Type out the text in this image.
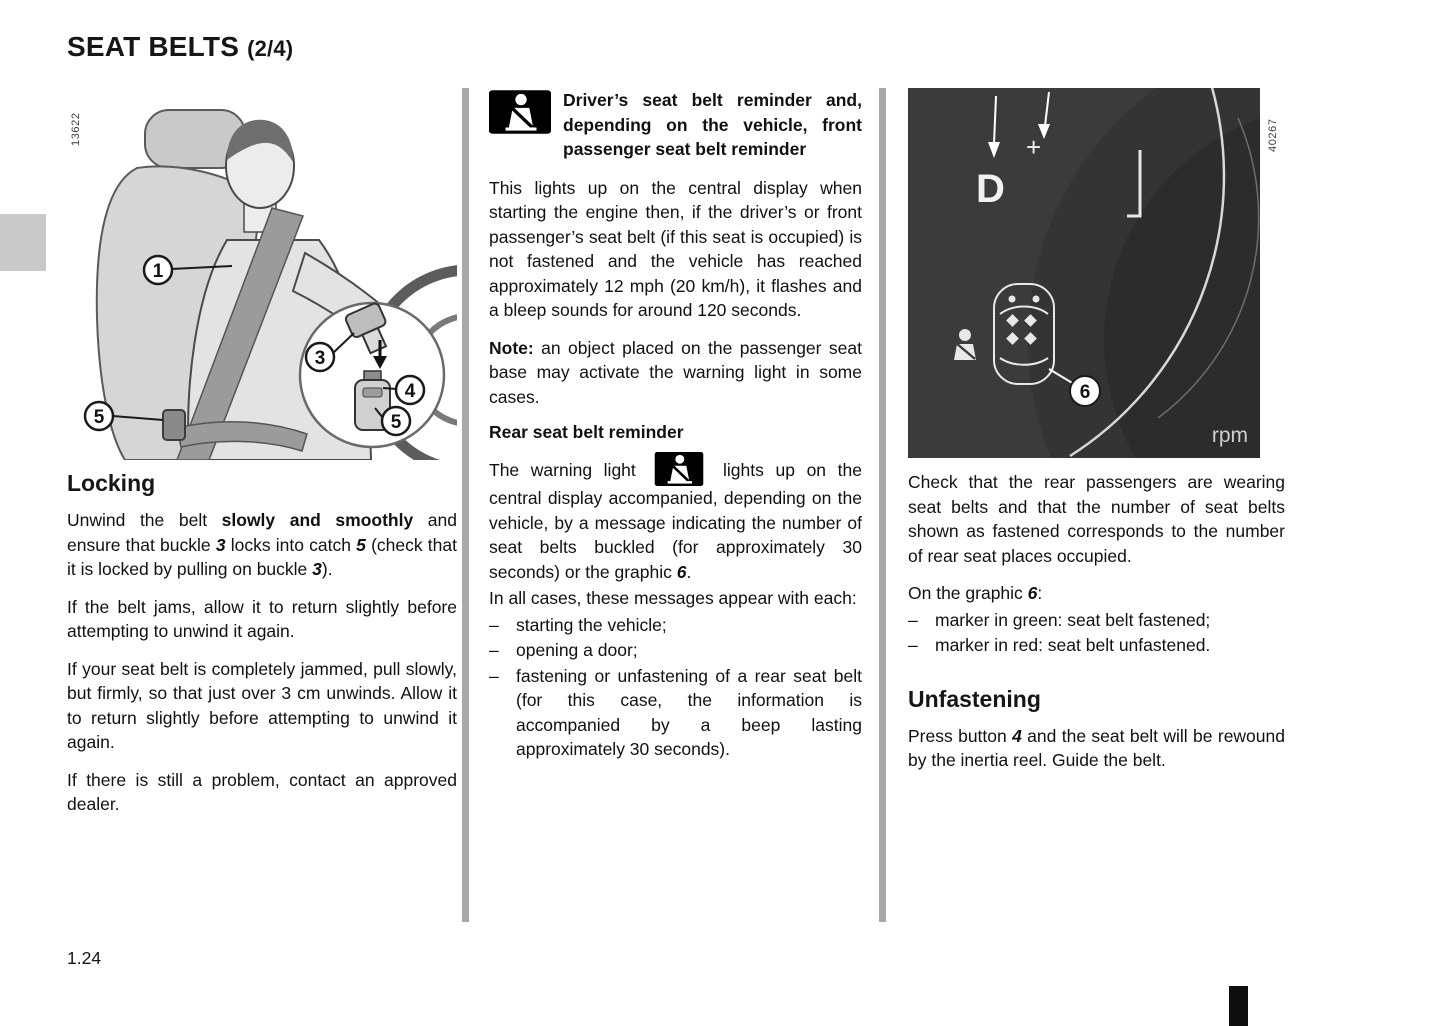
SEAT BELTS (2/4)
13622
1
3
4
5	5
Locking

Unwind the belt slowly and smoothly and ensure that buckle 3 locks into catch 5 (check that it is locked by pulling on buckle 3).

If the belt jams, allow it to return slightly before attempting to unwind it again.

If your seat belt is completely jammed, pull slowly, but firmly, so that just over 3 cm unwinds. Allow it to return slightly before attempting to unwind it again.

If there is still a problem, contact an approved dealer.

Driver’s seat belt reminder and, depending on the vehicle, front passenger seat belt reminder

This lights up on the central display when starting the engine then, if the driver’s or front passenger’s seat belt (if this seat is occupied) is not fastened and the vehicle has reached approximately 12 mph (20 km/h), it flashes and a bleep sounds for around 120 seconds.

Note: an object placed on the passenger seat base may activate the warning light in some cases.

Rear seat belt reminder

The warning light	lights up on the central display accompanied, depending on the vehicle, by a message indicating the number of seat belts buckled (for approximately 30 seconds) or the graphic 6.

In all cases, these messages appear with each:

– starting the vehicle;
– opening a door;
– fastening or unfastening of a rear seat belt (for this case, the information is accompanied by a beep lasting approximately 30 seconds).
+
D
6
rpm
40267

Check that the rear passengers are wearing seat belts and that the number of seat belts shown as fastened corresponds to the number of rear seat places occupied.

On the graphic 6:

– marker in green: seat belt fastened;
– marker in red: seat belt unfastened.
Unfastening

Press button 4 and the seat belt will be rewound by the inertia reel. Guide the belt.

1.24
